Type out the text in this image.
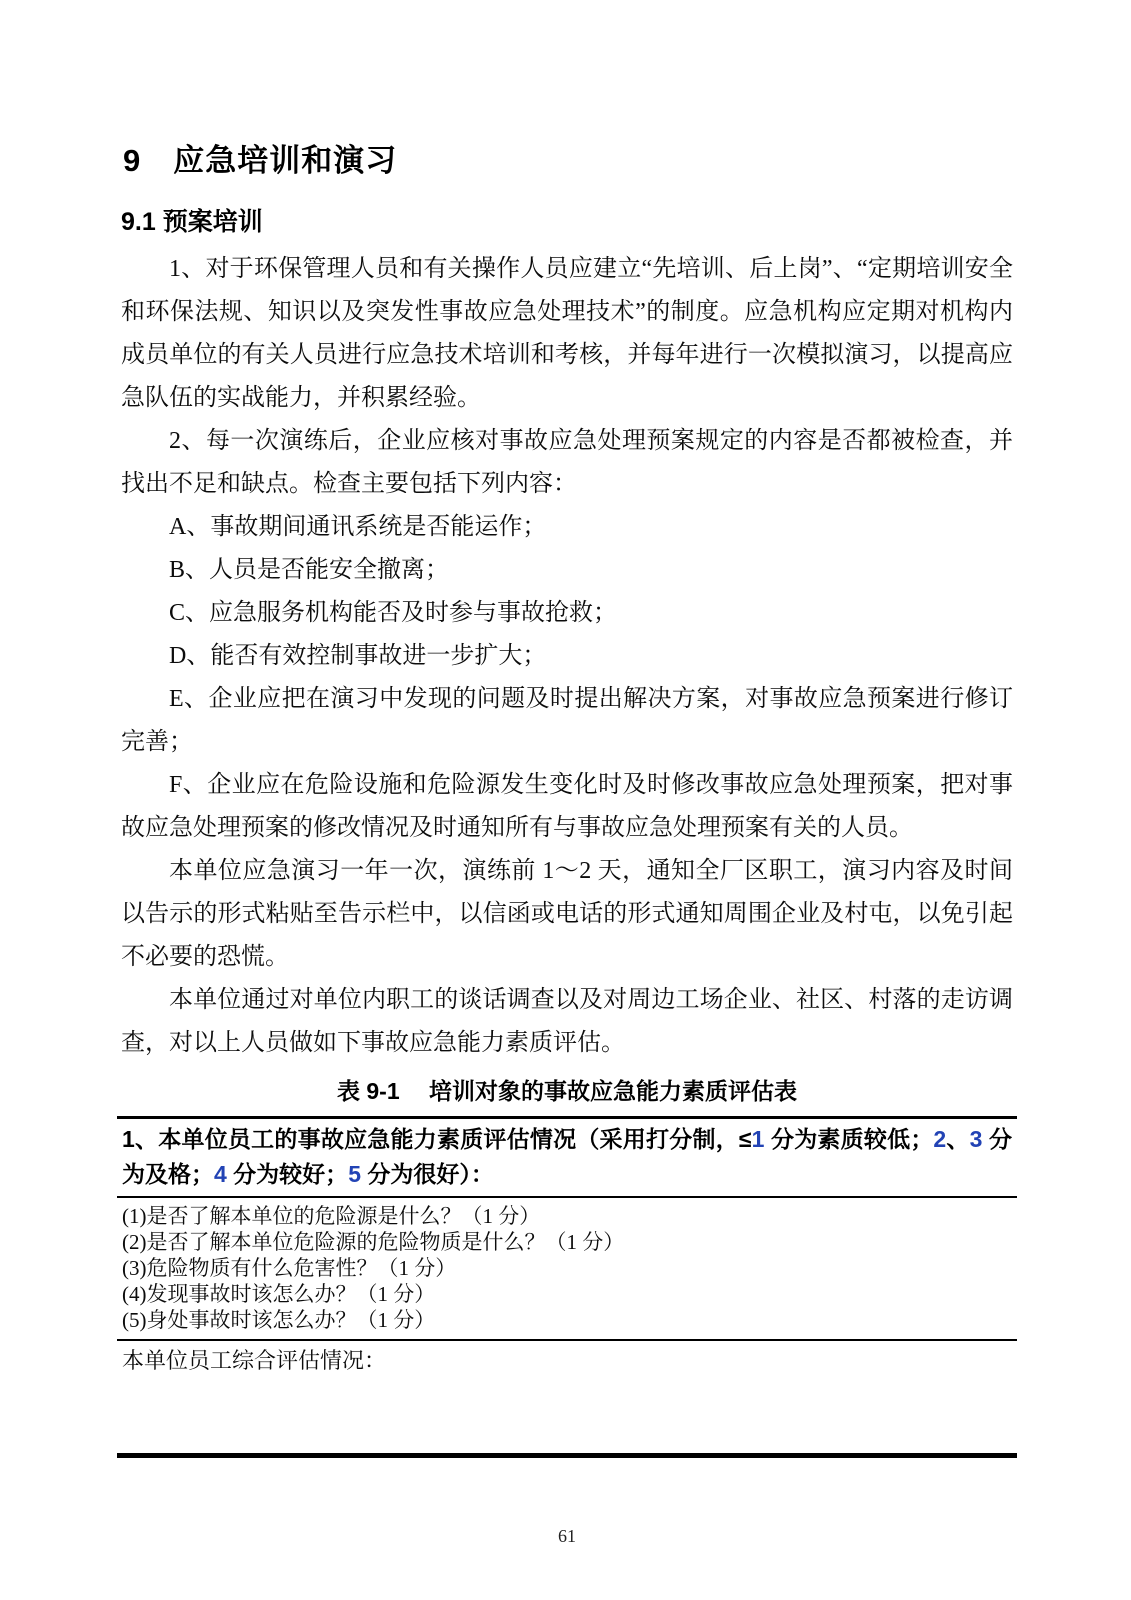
9　应急培训和演习
9.1 预案培训

1、对于环保管理人员和有关操作人员应建立“先培训、后上岗”、“定期培训安全和环保法规、知识以及突发性事故应急处理技术”的制度。应急机构应定期对机构内成员单位的有关人员进行应急技术培训和考核，并每年进行一次模拟演习，以提高应急队伍的实战能力，并积累经验。

2、每一次演练后，企业应核对事故应急处理预案规定的内容是否都被检查，并找出不足和缺点。检查主要包括下列内容：

A、事故期间通讯系统是否能运作；

B、人员是否能安全撤离；

C、应急服务机构能否及时参与事故抢救；

D、能否有效控制事故进一步扩大；

E、企业应把在演习中发现的问题及时提出解决方案，对事故应急预案进行修订完善；

F、企业应在危险设施和危险源发生变化时及时修改事故应急处理预案，把对事故应急处理预案的修改情况及时通知所有与事故应急处理预案有关的人员。

本单位应急演习一年一次，演练前 1～2 天，通知全厂区职工，演习内容及时间以告示的形式粘贴至告示栏中，以信函或电话的形式通知周围企业及村屯，以免引起不必要的恐慌。

本单位通过对单位内职工的谈话调查以及对周边工场企业、社区、村落的走访调查，对以上人员做如下事故应急能力素质评估。

表 9-1　 培训对象的事故应急能力素质评估表
1、本单位员工的事故应急能力素质评估情况（采用打分制，≤1 分为素质较低；2、3 分为及格；4 分为较好；5 分为很好）：
(1)是否了解本单位的危险源是什么？（1 分）
(2)是否了解本单位危险源的危险物质是什么？（1 分）
(3)危险物质有什么危害性？（1 分）
(4)发现事故时该怎么办？（1 分）
(5)身处事故时该怎么办？（1 分）
本单位员工综合评估情况：
61
